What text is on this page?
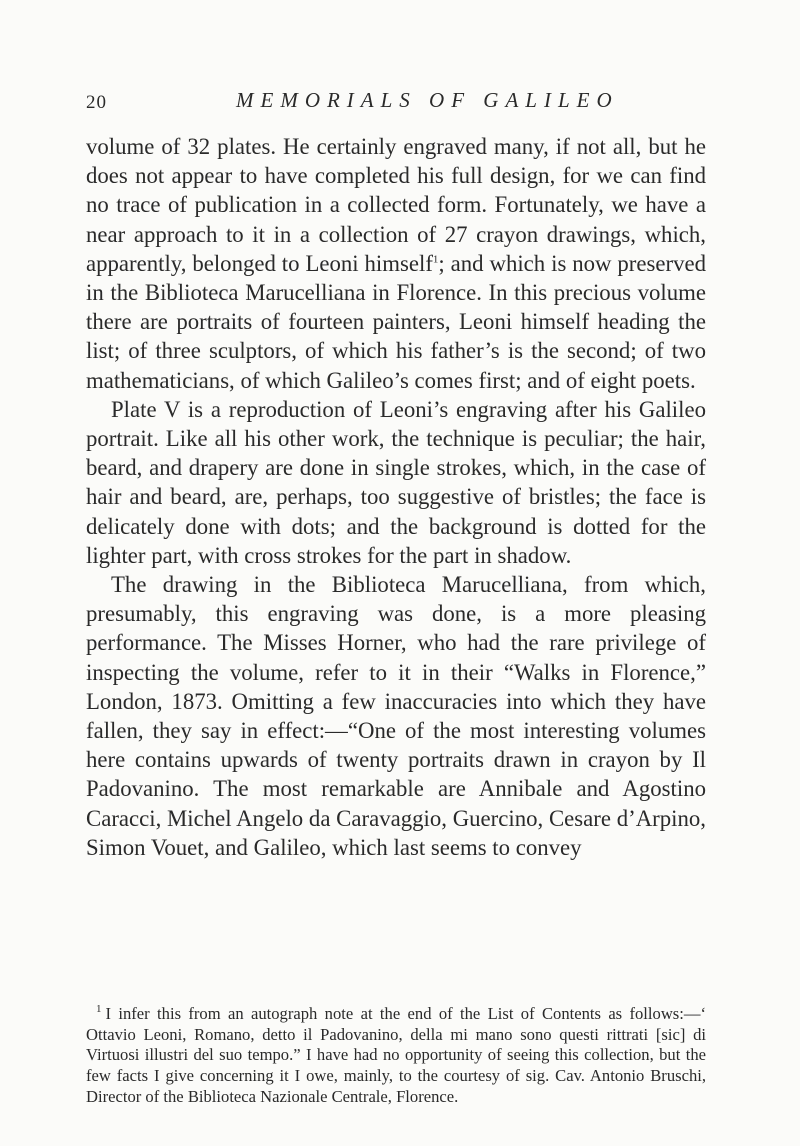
20	MEMORIALS OF GALILEO

volume of 32 plates. He certainly engraved many, if not all, but he does not appear to have completed his full design, for we can find no trace of publication in a collected form. Fortunately, we have a near approach to it in a collection of 27 crayon drawings, which, apparently, belonged to Leoni himself$^1$; and which is now preserved in the Biblioteca Marucelliana in Florence. In this precious volume there are portraits of fourteen painters, Leoni himself heading the list; of three sculptors, of which his father’s is the second; of two mathematicians, of which Galileo’s comes first; and of eight poets.

Plate V is a reproduction of Leoni’s engraving after his Galileo portrait. Like all his other work, the technique is peculiar; the hair, beard, and drapery are done in single strokes, which, in the case of hair and beard, are, perhaps, too suggestive of bristles; the face is delicately done with dots; and the background is dotted for the lighter part, with cross strokes for the part in shadow.

The drawing in the Biblioteca Marucelliana, from which, presumably, this engraving was done, is a more pleasing performance. The Misses Horner, who had the rare privilege of inspecting the volume, refer to it in their “Walks in Florence,” London, 1873. Omitting a few inaccuracies into which they have fallen, they say in effect:—“One of the most interesting volumes here contains upwards of twenty portraits drawn in crayon by Il Padovanino. The most remarkable are Annibale and Agostino Caracci, Michel Angelo da Caravaggio, Guercino, Cesare d’Arpino, Simon Vouet, and Galileo, which last seems to convey

$^1$ I infer this from an autograph note at the end of the List of Contents as follows:—‘ Ottavio Leoni, Romano, detto il Padovanino, della mi mano sono questi rittrati [sic] di Virtuosi illustri del suo tempo.” I have had no opportunity of seeing this collection, but the few facts I give concerning it I owe, mainly, to the courtesy of sig. Cav. Antonio Bruschi, Director of the Biblioteca Nazionale Centrale, Florence.
